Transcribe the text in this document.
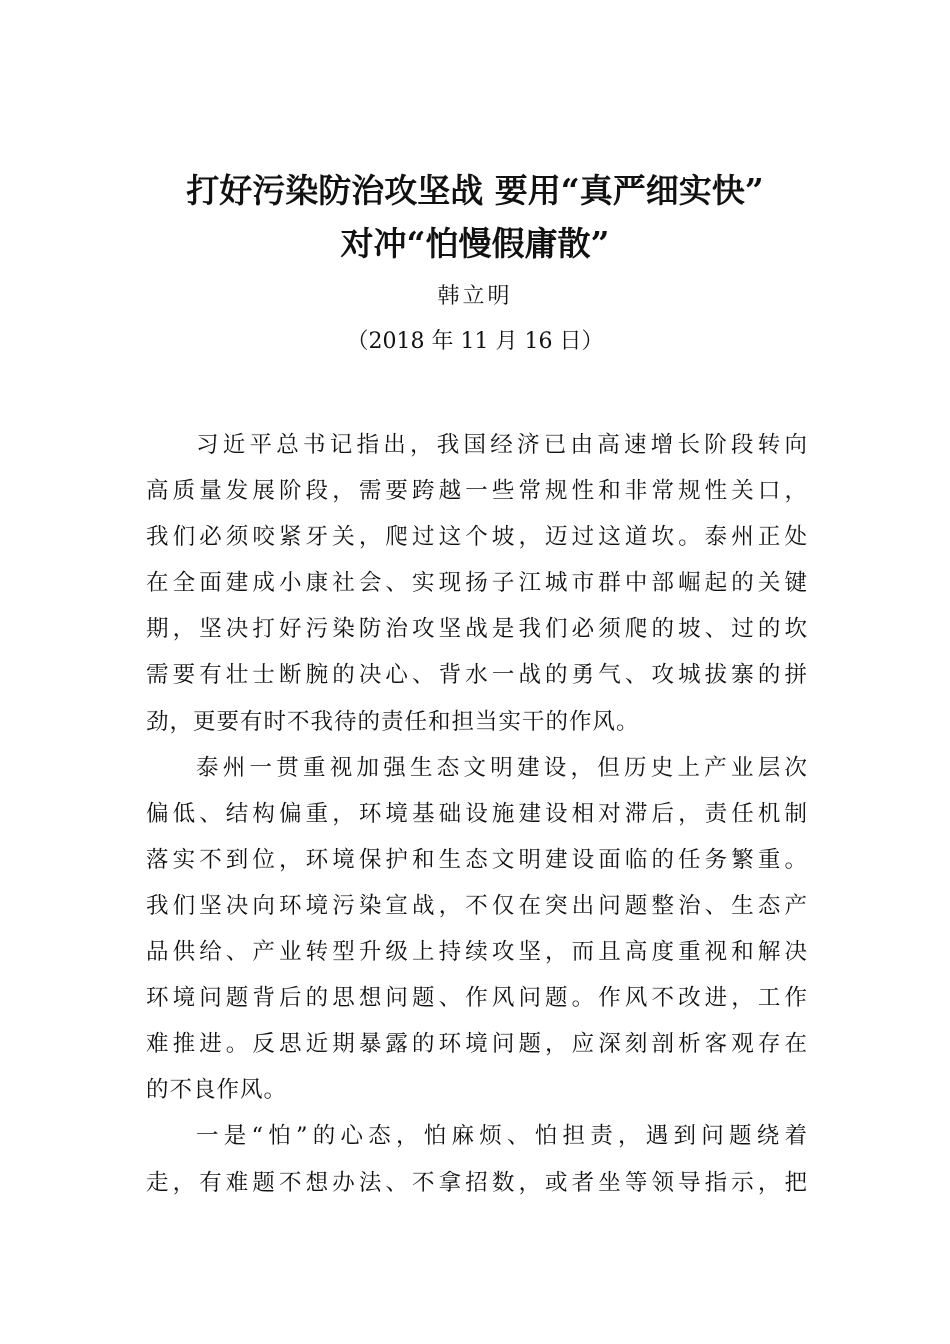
打好污染防治攻坚战 要用“真严细实快”
对冲“怕慢假庸散”
韩立明
（2018 年 11 月 16 日）
习近平总书记指出，我国经济已由高速增长阶段转向
高质量发展阶段，需要跨越一些常规性和非常规性关口，
我们必须咬紧牙关，爬过这个坡，迈过这道坎。泰州正处
在全面建成小康社会、实现扬子江城市群中部崛起的关键
期，坚决打好污染防治攻坚战是我们必须爬的坡、过的坎
需要有壮士断腕的决心、背水一战的勇气、攻城拔寨的拼
劲，更要有时不我待的责任和担当实干的作风。
泰州一贯重视加强生态文明建设，但历史上产业层次
偏低、结构偏重，环境基础设施建设相对滞后，责任机制
落实不到位，环境保护和生态文明建设面临的任务繁重。
我们坚决向环境污染宣战，不仅在突出问题整治、生态产
品供给、产业转型升级上持续攻坚，而且高度重视和解决
环境问题背后的思想问题、作风问题。作风不改进，工作
难推进。反思近期暴露的环境问题，应深刻剖析客观存在
的不良作风。
一是“怕”的心态，怕麻烦、怕担责，遇到问题绕着
走，有难题不想办法、不拿招数，或者坐等领导指示，把
